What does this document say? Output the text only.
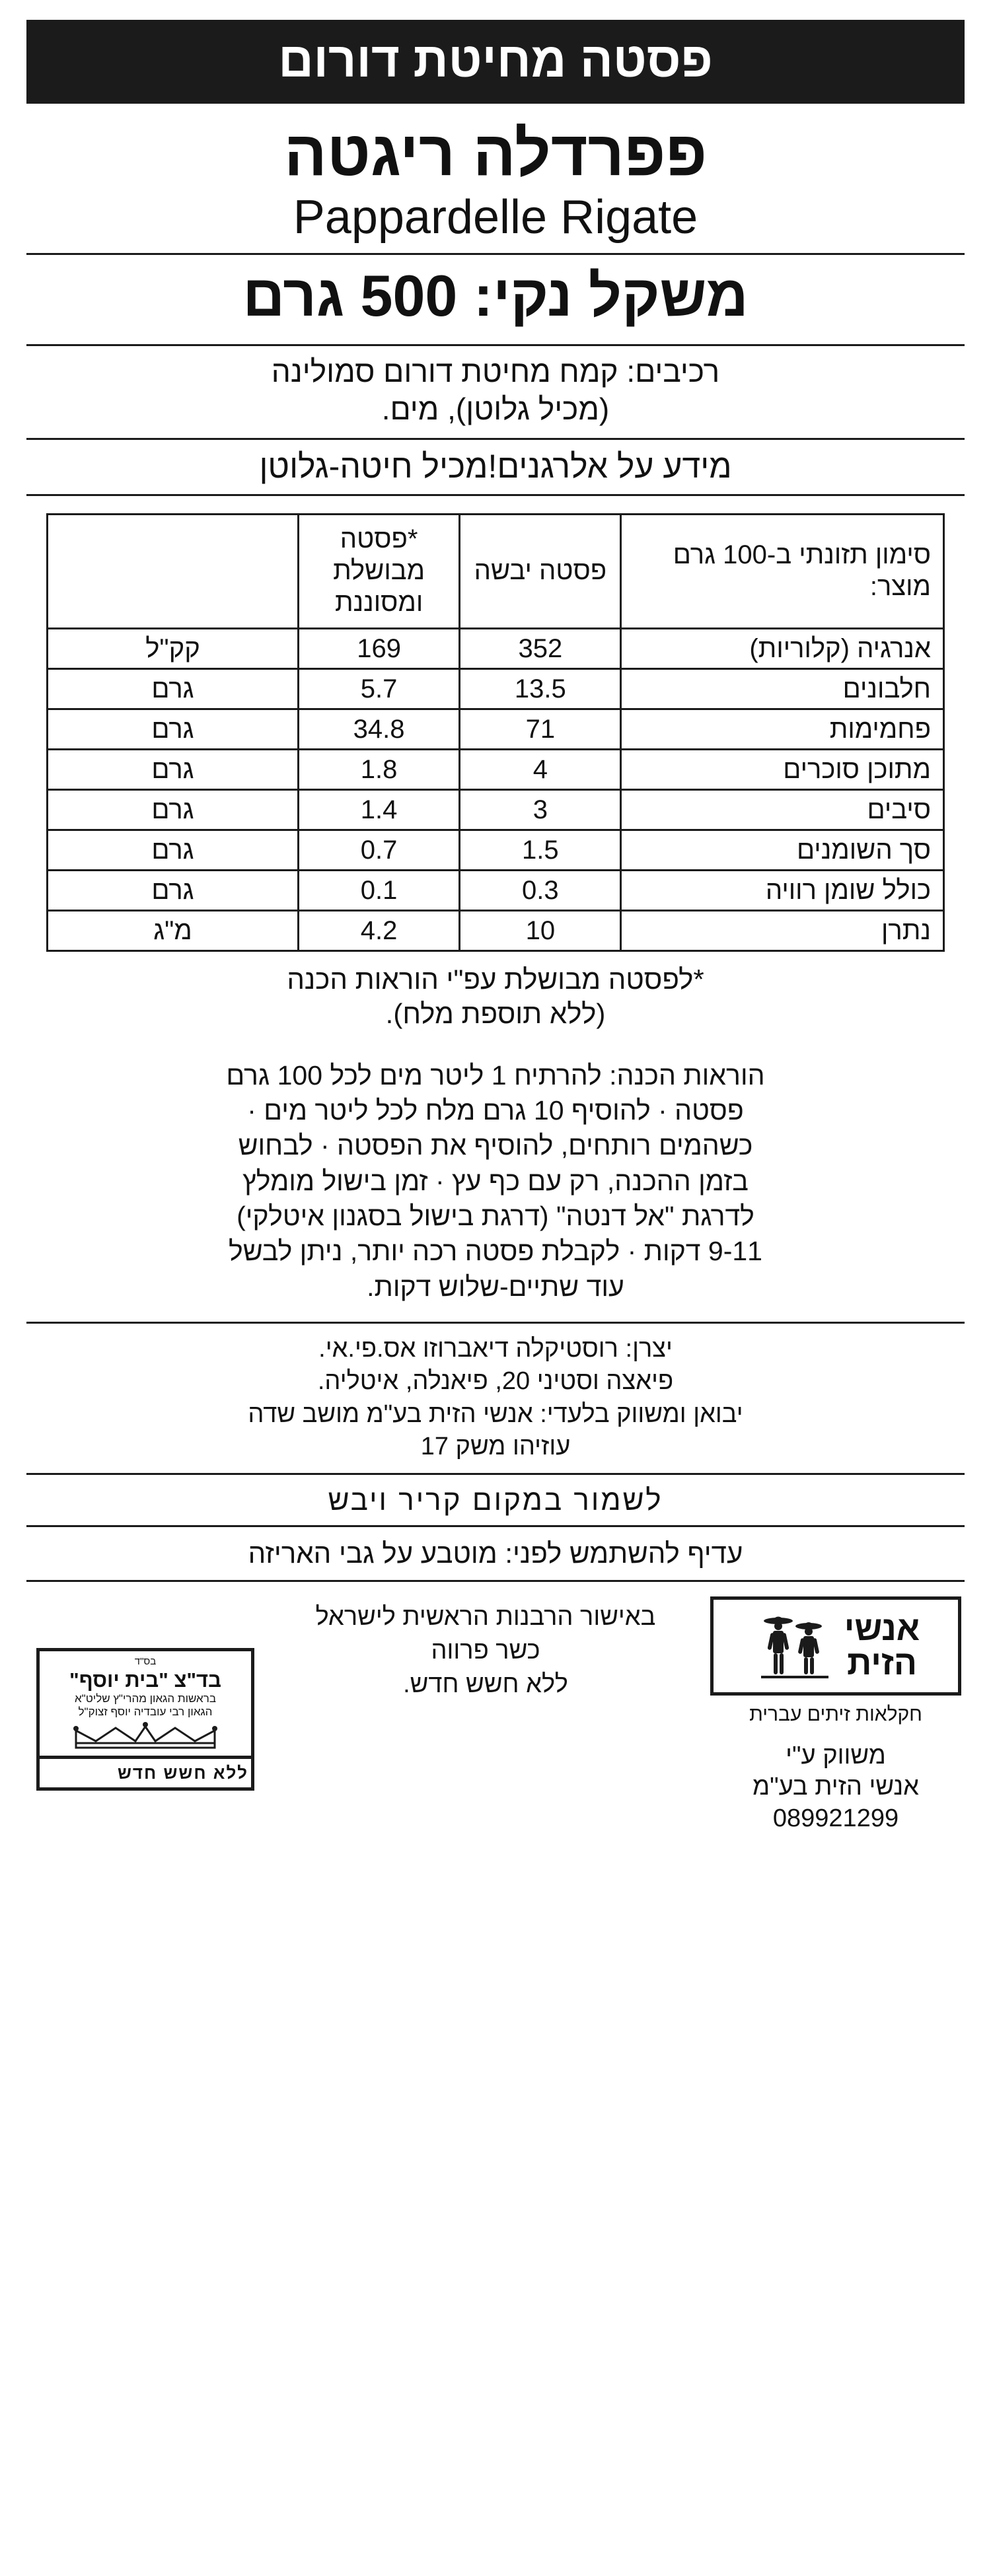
פסטה מחיטת דורום
פפרדלה ריגטה
Pappardelle Rigate
משקל נקי: 500 גרם
רכיבים: קמח מחיטת דורום סמולינה
(מכיל גלוטן), מים.
מידע על אלרגנים!מכיל חיטה-גלוטן
סימון תזונתי ב-100 גרם מוצר:	פסטה יבשה	*פסטה מבושלת ומסוננת	
אנרגיה (קלוריות)	352	169	קק"ל
חלבונים	13.5	5.7	גרם
פחמימות	71	34.8	גרם
מתוכן סוכרים	4	1.8	גרם
סיבים	3	1.4	גרם
סך השומנים	1.5	0.7	גרם
כולל שומן רוויה	0.3	0.1	גרם
נתרן	10	4.2	מ"ג
*לפסטה מבושלת עפ"י הוראות הכנה
(ללא תוספת מלח).
הוראות הכנה: להרתיח 1 ליטר מים לכל 100 גרם
פסטה · להוסיף 10 גרם מלח לכל ליטר מים ·
כשהמים רותחים, להוסיף את הפסטה · לבחוש
בזמן ההכנה, רק עם כף עץ · זמן בישול מומלץ
לדרגת "אל דנטה" (דרגת בישול בסגנון איטלקי)
9-11 דקות · לקבלת פסטה רכה יותר, ניתן לבשל
עוד שתיים-שלוש דקות.
יצרן: רוסטיקלה דיאברוזו אס.פי.אי.
פיאצה וסטיני 20, פיאנלה, איטליה.
יבואן ומשווק בלעדי: אנשי הזית בע"מ מושב שדה
עוזיהו משק 17
לשמור במקום קריר ויבש
עדיף להשתמש לפני: מוטבע על גבי האריזה
אנשי
הזית
חקלאות זיתים עברית
משווק ע"י
אנשי הזית בע"מ
089921299
באישור הרבנות הראשית לישראל
כשר פרווה
ללא חשש חדש.
בס"ד
בד"צ "בית יוסף"
בראשות הגאון מהרי"ץ שליט"א
הגאון רבי עובדיה יוסף זצוק"ל
ללא חשש חדש
